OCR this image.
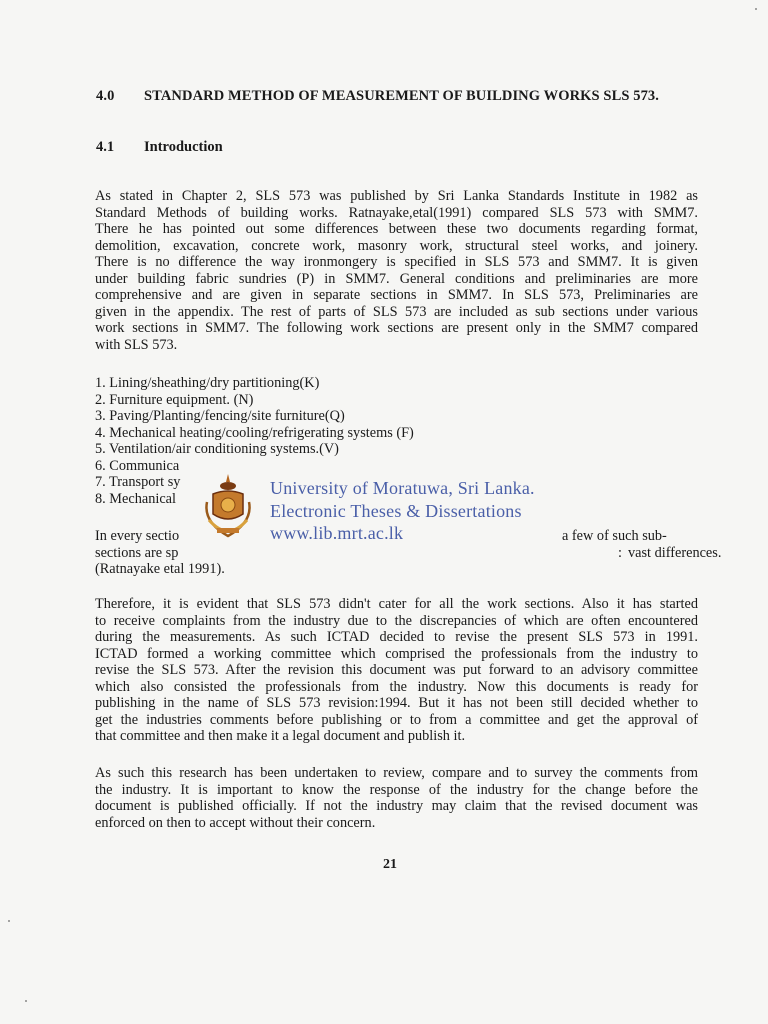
4.0 STANDARD METHOD OF MEASUREMENT OF BUILDING WORKS SLS 573.
4.1 Introduction
As stated in Chapter 2, SLS 573 was published by Sri Lanka Standards Institute in 1982 as
Standard Methods of building works. Ratnayake,etal(1991) compared SLS 573 with SMM7.
There he has pointed out some differences between these two documents regarding format,
demolition, excavation, concrete work, masonry work, structural steel works, and joinery.
There is no difference the way ironmongery is specified in SLS 573 and SMM7. It is given
under building fabric sundries (P) in SMM7. General conditions and preliminaries are more
comprehensive and are given in separate sections in SMM7. In SLS 573, Preliminaries are
given in the appendix. The rest of parts of SLS 573 are included as sub sections under various
work sections in SMM7. The following work sections are present only in the SMM7 compared
with SLS 573.
1. Lining/sheathing/dry partitioning(K)
2. Furniture equipment. (N)
3. Paving/Planting/fencing/site furniture(Q)
4. Mechanical heating/cooling/refrigerating systems (F)
5. Ventilation/air conditioning systems.(V)
6. Communica
7. Transport sy
8. Mechanical
In every sectio	a few of such sub-
sections are sp	: vast differences.
(Ratnayake etal 1991).
University of Moratuwa, Sri Lanka.
Electronic Theses & Dissertations
www.lib.mrt.ac.lk
Therefore, it is evident that SLS 573 didn't cater for all the work sections. Also it has started
to receive complaints from the industry due to the discrepancies of which are often encountered
during the measurements. As such ICTAD decided to revise the present SLS 573 in 1991.
ICTAD formed a working committee which comprised the professionals from the industry to
revise the SLS 573. After the revision this document was put forward to an advisory committee
which also consisted the professionals from the industry. Now this documents is ready for
publishing in the name of SLS 573 revision:1994. But it has not been still decided whether to
get the industries comments before publishing or to from a committee and get the approval of
that committee and then make it a legal document and publish it.
As such this research has been undertaken to review, compare and to survey the comments from
the industry. It is important to know the response of the industry for the change before the
document is published officially. If not the industry may claim that the revised document was
enforced on then to accept without their concern.
21
